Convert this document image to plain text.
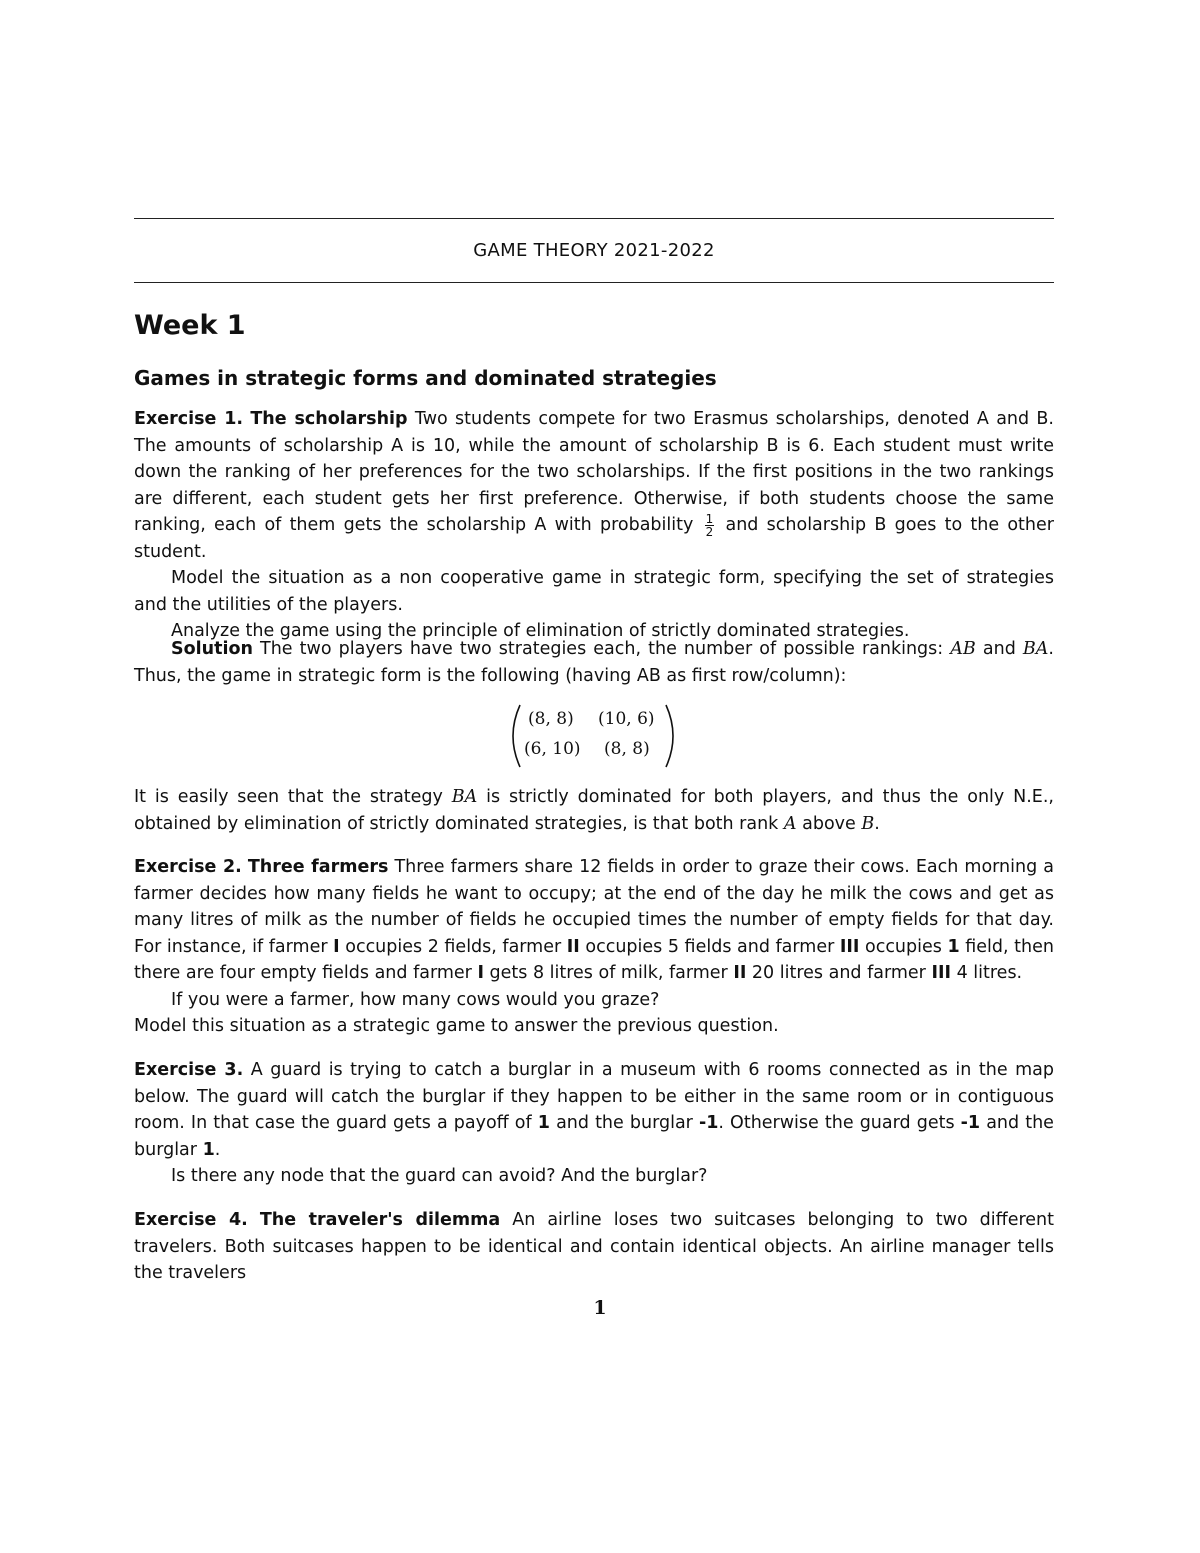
GAME THEORY 2021-2022
Week 1
Games in strategic forms and dominated strategies

Exercise 1. The scholarship Two students compete for two Erasmus scholarships, denoted A and B. The amounts of scholarship A is 10, while the amount of scholarship B is 6. Each student must write down the ranking of her preferences for the two scholarships. If the first positions in the two rankings are different, each student gets her first preference. Otherwise, if both students choose the same ranking, each of them gets the scholarship A with probability $\frac{1}{2}$ and scholarship B goes to the other student.

Model the situation as a non cooperative game in strategic form, specifying the set of strategies and the utilities of the players.

Analyze the game using the principle of elimination of strictly dominated strategies.

Solution The two players have two strategies each, the number of possible rankings: AB and BA. Thus, the game in strategic form is the following (having AB as first row/column):

(8, 8) (10, 6)
(6, 10) (8, 8)

It is easily seen that the strategy BA is strictly dominated for both players, and thus the only N.E., obtained by elimination of strictly dominated strategies, is that both rank A above B.

Exercise 2. Three farmers Three farmers share 12 fields in order to graze their cows. Each morning a farmer decides how many fields he want to occupy; at the end of the day he milk the cows and get as many litres of milk as the number of fields he occupied times the number of empty fields for that day. For instance, if farmer I occupies 2 fields, farmer II occupies 5 fields and farmer III occupies 1 field, then there are four empty fields and farmer I gets 8 litres of milk, farmer II 20 litres and farmer III 4 litres.

If you were a farmer, how many cows would you graze?

Model this situation as a strategic game to answer the previous question.

Exercise 3. A guard is trying to catch a burglar in a museum with 6 rooms connected as in the map below. The guard will catch the burglar if they happen to be either in the same room or in contiguous room. In that case the guard gets a payoff of 1 and the burglar -1. Otherwise the guard gets -1 and the burglar 1.

Is there any node that the guard can avoid? And the burglar?

Exercise 4. The traveler's dilemma An airline loses two suitcases belonging to two different travelers. Both suitcases happen to be identical and contain identical objects. An airline manager tells the travelers

1
